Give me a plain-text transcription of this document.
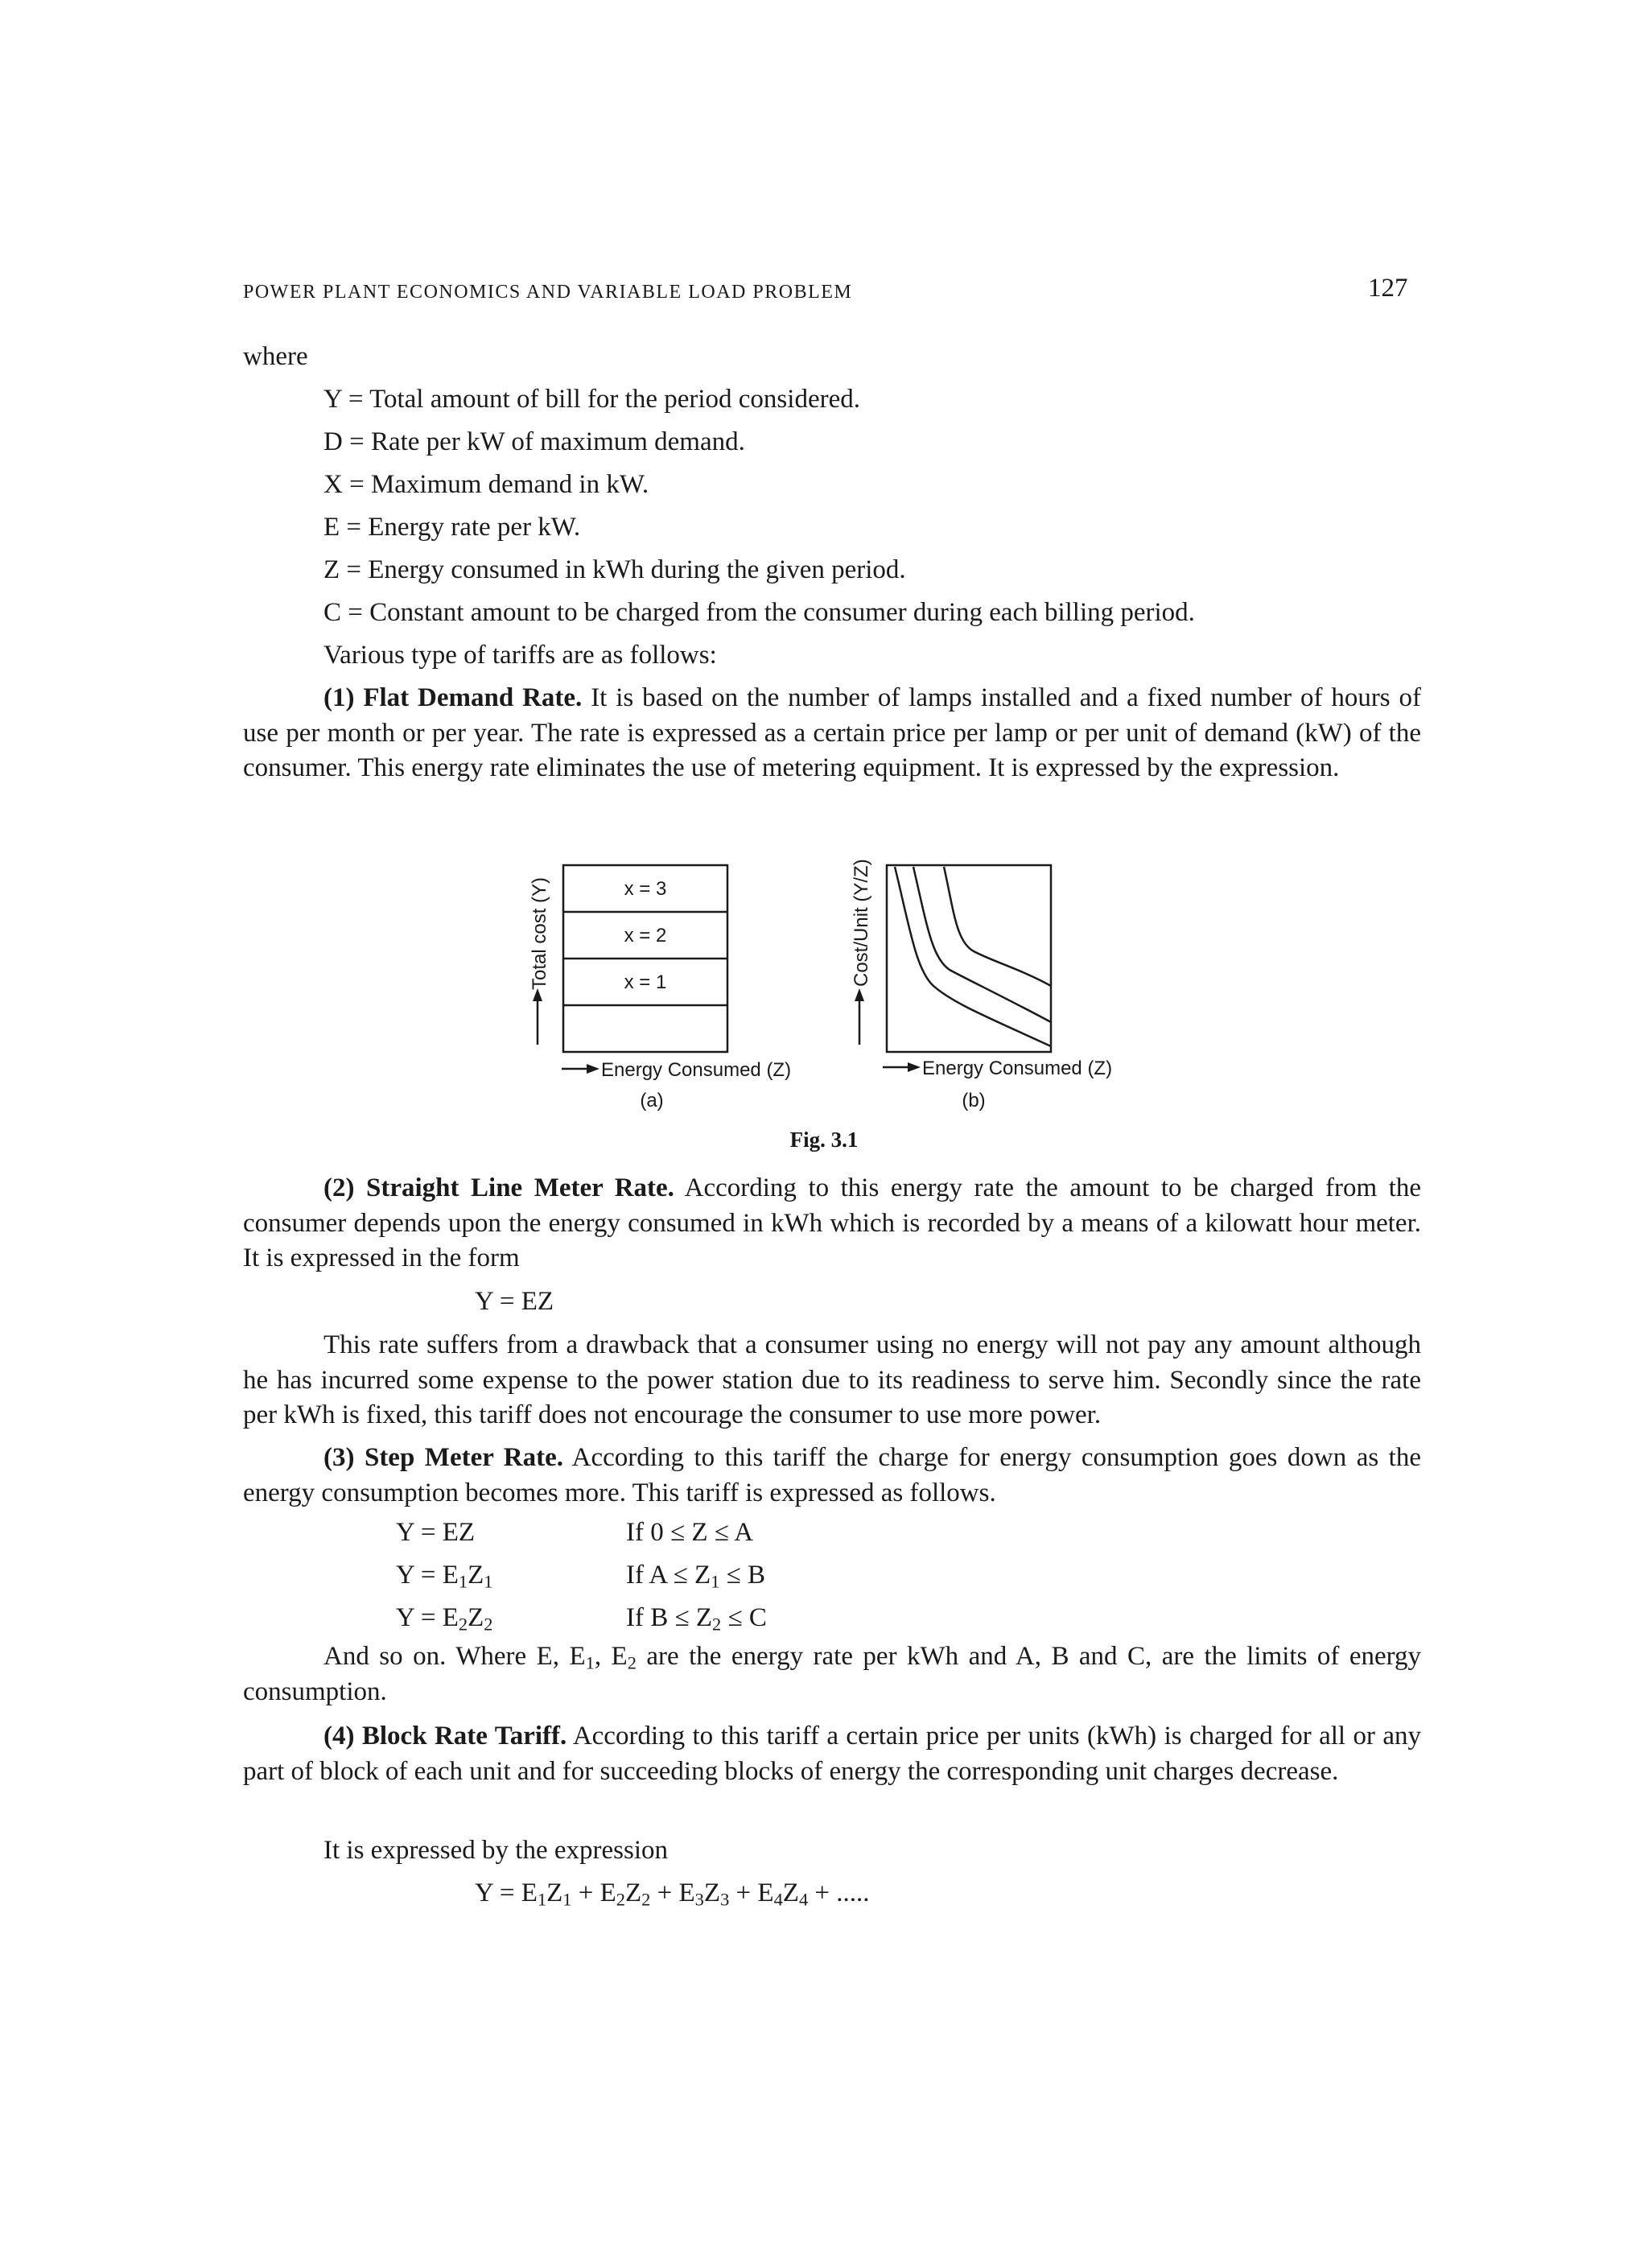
POWER PLANT ECONOMICS AND VARIABLE LOAD PROBLEM	127
where
Y = Total amount of bill for the period considered.
D = Rate per kW of maximum demand.
X = Maximum demand in kW.
E = Energy rate per kW.
Z = Energy consumed in kWh during the given period.
C = Constant amount to be charged from the consumer during each billing period.
Various type of tariffs are as follows:
(1) Flat Demand Rate. It is based on the number of lamps installed and a fixed number of hours of use per month or per year. The rate is expressed as a certain price per lamp or per unit of demand (kW) of the consumer. This energy rate eliminates the use of metering equipment. It is expressed by the expression.
x = 3
x = 2
x = 1
Total cost (Y)	Cost/Unit (Y/Z)
Energy Consumed (Z)	Energy Consumed (Z)
(a)	(b)
Fig. 3.1
(2) Straight Line Meter Rate. According to this energy rate the amount to be charged from the consumer depends upon the energy consumed in kWh which is recorded by a means of a kilowatt hour meter. It is expressed in the form
Y = EZ
This rate suffers from a drawback that a consumer using no energy will not pay any amount although he has incurred some expense to the power station due to its readiness to serve him. Secondly since the rate per kWh is fixed, this tariff does not encourage the consumer to use more power.
(3) Step Meter Rate. According to this tariff the charge for energy consumption goes down as the energy consumption becomes more. This tariff is expressed as follows.
Y = EZ	If 0 ≤ Z ≤ A
$Y = E_1Z_1$	If $A \le Z_1 \le B$
$Y = E_2Z_2$	If $B \le Z_2 \le C$
And so on. Where E, $E_1$, $E_2$ are the energy rate per kWh and A, B and C, are the limits of energy consumption.
(4) Block Rate Tariff. According to this tariff a certain price per units (kWh) is charged for all or any part of block of each unit and for succeeding blocks of energy the corresponding unit charges decrease.
It is expressed by the expression
$Y = E_1Z_1 + E_2Z_2 + E_3Z_3 + E_4Z_4$ + .....
